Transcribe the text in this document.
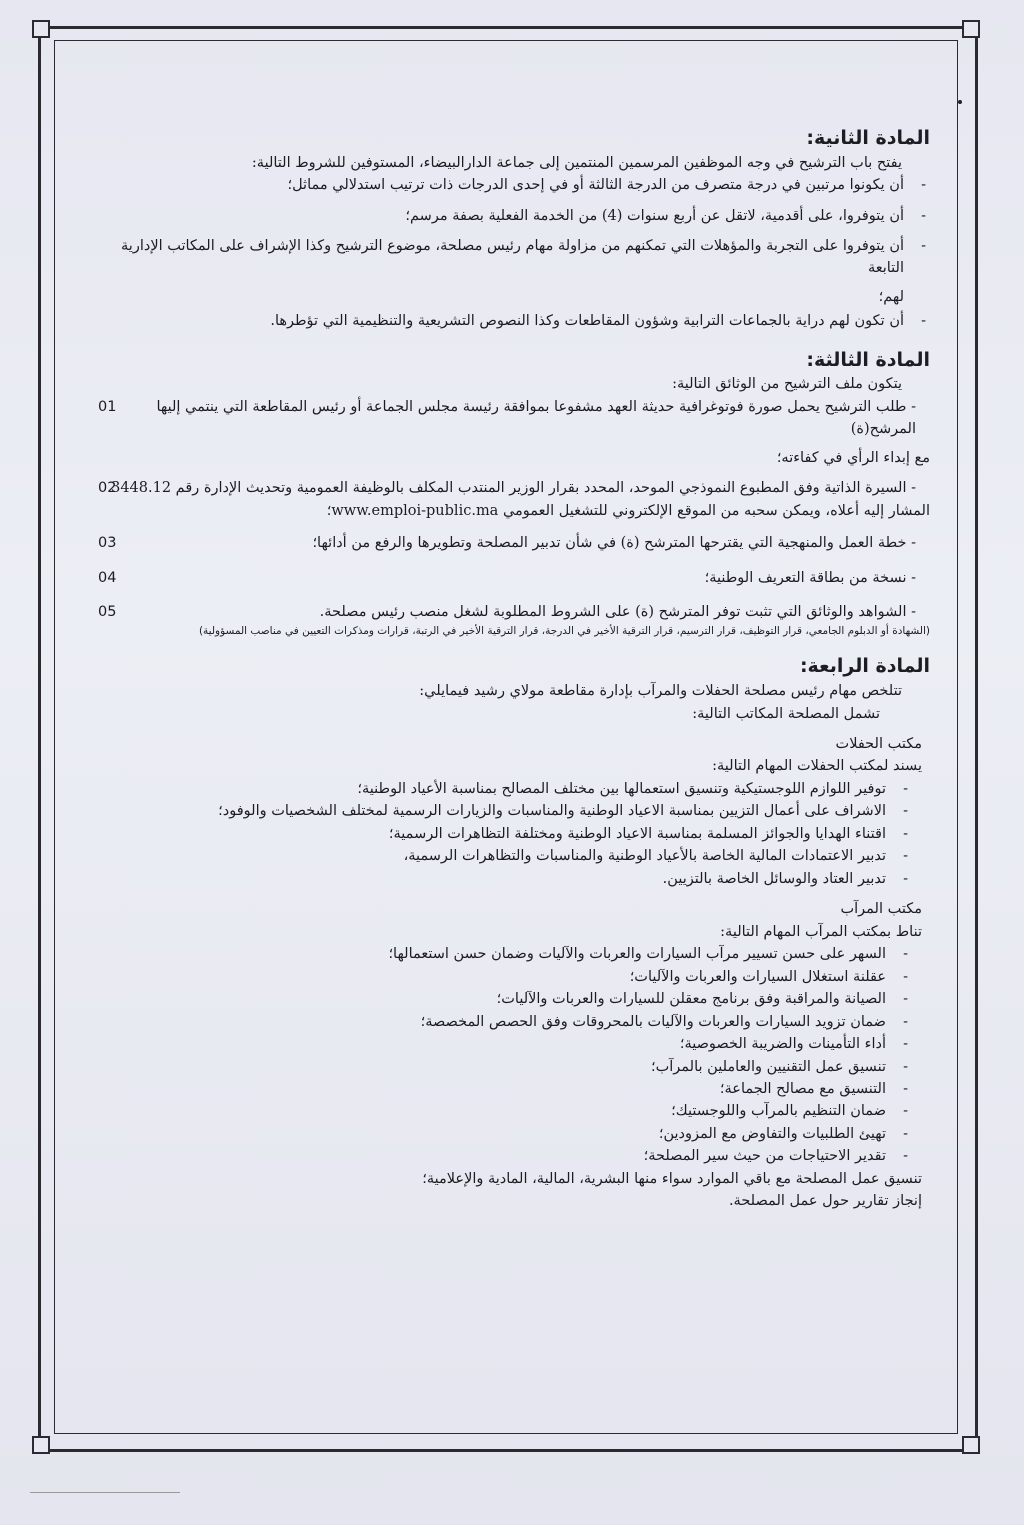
المادة الثانية:

يفتح باب الترشيح في وجه الموظفين المرسمين المنتمين إلى جماعة الدارالبيضاء، المستوفين للشروط التالية:

- أن يكونوا مرتبين في درجة متصرف من الدرجة الثالثة أو في إحدى الدرجات ذات ترتيب استدلالي مماثل؛

- أن يتوفروا، على أقدمية، لاتقل عن أربع سنوات (4) من الخدمة الفعلية بصفة مرسم؛

- أن يتوفروا على التجربة والمؤهلات التي تمكنهم من مزاولة مهام رئيس مصلحة، موضوع الترشيح وكذا الإشراف على المكاتب الإدارية التابعة

لهم؛

- أن تكون لهم دراية بالجماعات الترابية وشؤون المقاطعات وكذا النصوص التشريعية والتنظيمية التي تؤطرها.

المادة الثالثة:

يتكون ملف الترشيح من الوثائق التالية:

01	- طلب الترشيح يحمل صورة فوتوغرافية حديثة العهد مشفوعا بموافقة رئيسة مجلس الجماعة أو رئيس المقاطعة التي ينتمي إليها المرشح(ة)

مع إبداء الرأي في كفاءته؛

02
- السيرة الذاتية وفق المطبوع النموذجي الموحد، المحدد بقرار الوزير المنتدب المكلف بالوظيفة العمومية وتحديث الإدارة رقم 3448.12

المشار إليه أعلاه، ويمكن سحبه من الموقع الإلكتروني للتشغيل العمومي www.emploi-public.ma؛

03	- خطة العمل والمنهجية التي يقترحها المترشح (ة) في شأن تدبير المصلحة وتطويرها والرفع من أدائها؛
04	- نسخة من بطاقة التعريف الوطنية؛
05	- الشواهد والوثائق التي تثبت توفر المترشح (ة) على الشروط المطلوبة لشغل منصب رئيس مصلحة.

(الشهادة أو الدبلوم الجامعي، قرار التوظيف، قرار الترسيم، قرار الترقية الأخير في الدرجة، قرار الترقية الأخير في الرتبة، قرارات ومذكرات التعيين في مناصب المسؤولية)

المادة الرابعة:

تتلخص مهام رئيس مصلحة الحفلات والمرآب بإدارة مقاطعة مولاي رشيد فيمايلي:

تشمل المصلحة المكاتب التالية:

مكتب الحفلات

يسند لمكتب الحفلات المهام التالية:

- توفير اللوازم اللوجستيكية وتنسيق استعمالها بين مختلف المصالح بمناسبة الأعياد الوطنية؛

- الاشراف على أعمال التزيين بمناسبة الاعياد الوطنية والمناسبات والزيارات الرسمية لمختلف الشخصيات والوفود؛

- اقتناء الهدايا والجوائز المسلمة بمناسبة الاعياد الوطنية ومختلفة التظاهرات الرسمية؛

- تدبير الاعتمادات المالية الخاصة بالأعياد الوطنية والمناسبات والتظاهرات الرسمية،

- تدبير العتاد والوسائل الخاصة بالتزيين.

مكتب المرآب

تناط بمكتب المرآب المهام التالية:

- السهر على حسن تسيير مرآب السيارات والعربات والآليات وضمان حسن استعمالها؛

- عقلنة استغلال السيارات والعربات والآليات؛

- الصيانة والمراقبة وفق برنامج معقلن للسيارات والعربات والآليات؛

- ضمان تزويد السيارات والعربات والآليات بالمحروقات وفق الحصص المخصصة؛

- أداء التأمينات والضريبة الخصوصية؛

- تنسيق عمل التقنيين والعاملين بالمرآب؛

- التنسيق مع مصالح الجماعة؛

- ضمان التنظيم بالمرآب واللوجستيك؛

- تهيئ الطلبيات والتفاوض مع المزودين؛

- تقدير الاحتياجات من حيث سير المصلحة؛

تنسيق عمل المصلحة مع باقي الموارد سواء منها البشرية، المالية، المادية والإعلامية؛

إنجاز تقارير حول عمل المصلحة.
